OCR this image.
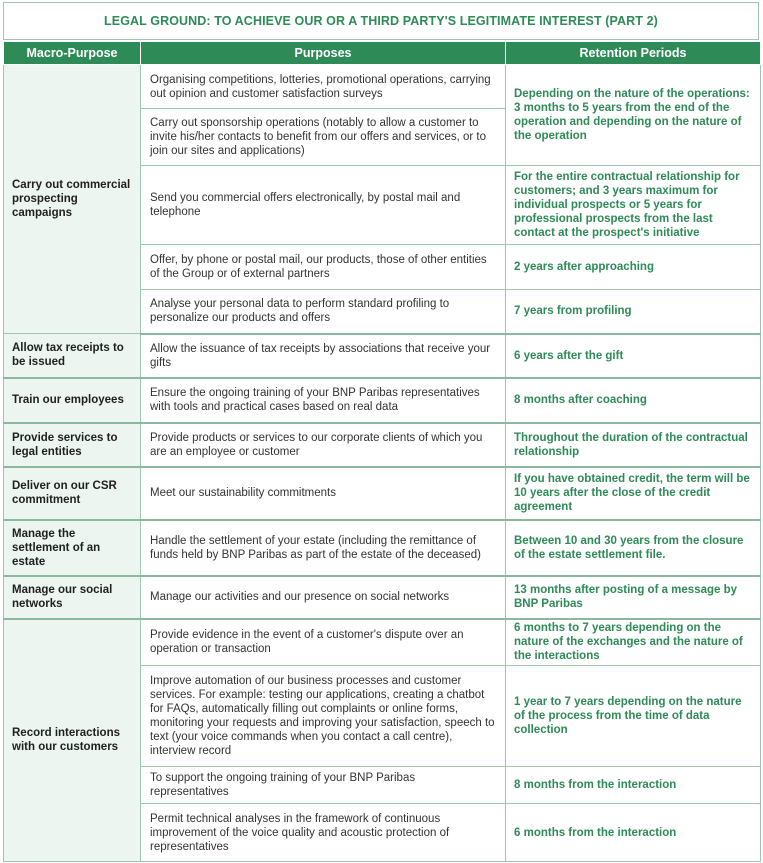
LEGAL GROUND: TO ACHIEVE OUR OR A THIRD PARTY'S LEGITIMATE INTEREST
(PART 2)
Macro-Purpose	Purposes	Retention Periods
Carry out commercial prospecting campaigns	Organising competitions, lotteries, promotional operations, carrying out opinion and customer satisfaction surveys	Depending on the nature of the operations: 3 months to 5 years from the end of the operation and depending on the nature of the operation
	Carry out sponsorship operations (notably to allow a customer to invite his/her contacts to benefit from our offers and services, or to join our sites and applications)	
	Send you commercial offers electronically, by postal mail and telephone	For the entire contractual relationship for customers; and 3 years maximum for individual prospects or 5 years for professional prospects from the last contact at the prospect's initiative
	Offer, by phone or postal mail, our products, those of other entities of the Group or of external partners	2 years after approaching
	Analyse your personal data to perform standard profiling to personalize our products and offers	7 years from profiling
Allow tax receipts to be issued	Allow the issuance of tax receipts by associations that receive your gifts	6 years after the gift
Train our employees	Ensure the ongoing training of your BNP Paribas representatives with tools and practical cases based on real data	8 months after coaching
Provide services to legal entities	Provide products or services to our corporate clients of which you are an employee or customer	Throughout the duration of the contractual relationship
Deliver on our CSR commitment	Meet our sustainability commitments	If you have obtained credit, the term will be 10 years after the close of the credit agreement
Manage the settlement of an estate	Handle the settlement of your estate (including the remittance of funds held by BNP Paribas as part of the estate of the deceased)	Between 10 and 30 years from the closure of the estate settlement file.
Manage our social networks	Manage our activities and our presence on social networks	13 months after posting of a message by BNP Paribas
Record interactions with our customers	Provide evidence in the event of a customer's dispute over an operation or transaction	6 months to 7 years depending on the nature of the exchanges and the nature of the interactions
	Improve automation of our business processes and customer services. For example: testing our applications, creating a chatbot for FAQs, automatically filling out complaints or online forms, monitoring your requests and improving your satisfaction, speech to text (your voice commands when you contact a call centre), interview record	1 year to 7 years depending on the nature of the process from the time of data collection
	To support the ongoing training of your BNP Paribas representatives	8 months from the interaction
	Permit technical analyses in the framework of continuous improvement of the voice quality and acoustic protection of representatives	6 months from the interaction
